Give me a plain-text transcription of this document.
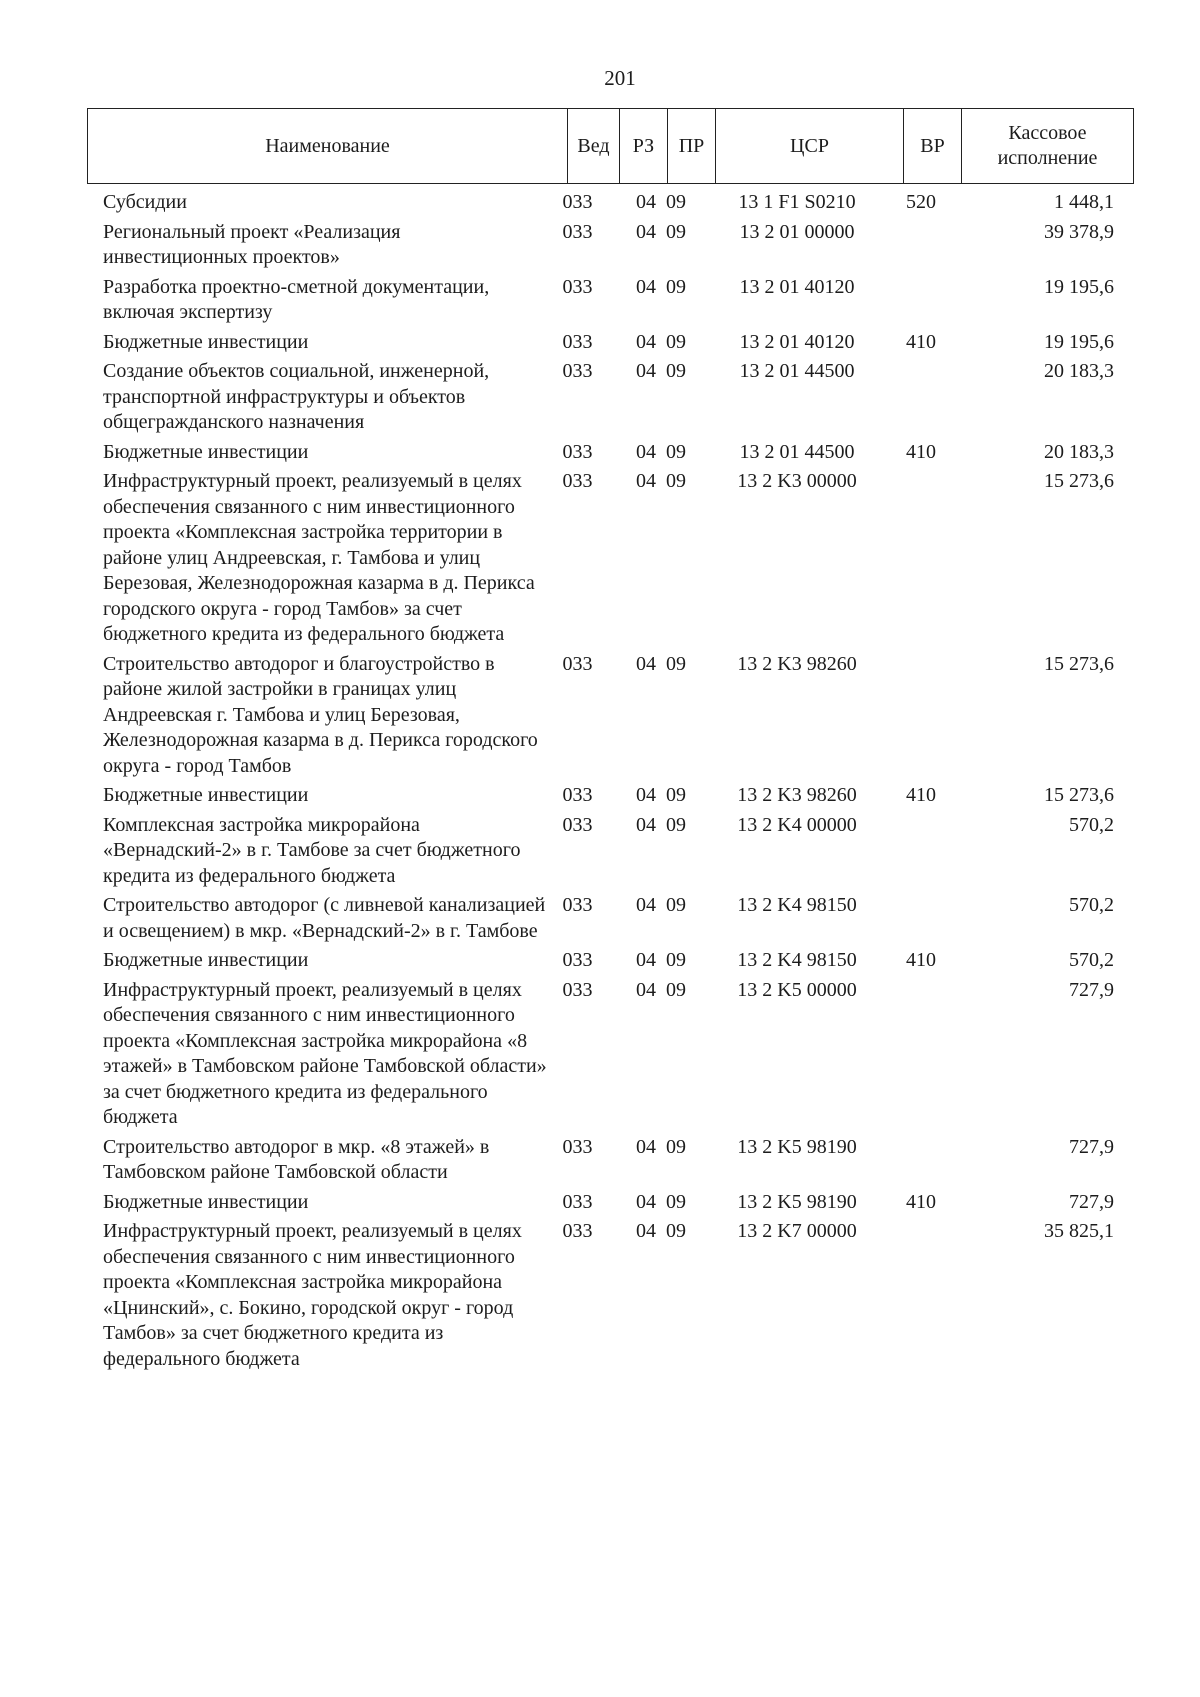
201
Наименование	Вед	РЗ	ПР	ЦСР	ВР	Кассовое исполнение
Субсидии	033	04	09	13 1 F1 S0210	520	1 448,1
Региональный проект «Реализация инвестиционных проектов»	033	04	09	13 2 01 00000		39 378,9
Разработка проектно-сметной документации, включая экспертизу	033	04	09	13 2 01 40120		19 195,6
Бюджетные инвестиции	033	04	09	13 2 01 40120	410	19 195,6
Создание объектов социальной, инженерной, транспортной инфраструктуры и объектов общегражданского назначения	033	04	09	13 2 01 44500		20 183,3
Бюджетные инвестиции	033	04	09	13 2 01 44500	410	20 183,3
Инфраструктурный проект, реализуемый в целях обеспечения связанного с ним инвестиционного проекта «Комплексная застройка территории в районе улиц Андреевская, г. Тамбова и улиц Березовая, Железнодорожная казарма в д. Перикса городского округа - город Тамбов» за счет бюджетного кредита из федерального бюджета	033	04	09	13 2 K3 00000		15 273,6
Строительство автодорог и благоустройство в районе жилой застройки в границах улиц Андреевская г. Тамбова и улиц Березовая, Железнодорожная казарма в д. Перикса городского округа - город Тамбов	033	04	09	13 2 K3 98260		15 273,6
Бюджетные инвестиции	033	04	09	13 2 K3 98260	410	15 273,6
Комплексная застройка микрорайона «Вернадский-2» в г. Тамбове за счет бюджетного кредита из федерального бюджета	033	04	09	13 2 K4 00000		570,2
Строительство автодорог (с ливневой канализацией и освещением) в мкр. «Вернадский-2» в г. Тамбове	033	04	09	13 2 K4 98150		570,2
Бюджетные инвестиции	033	04	09	13 2 K4 98150	410	570,2
Инфраструктурный проект, реализуемый в целях обеспечения связанного с ним инвестиционного проекта «Комплексная застройка микрорайона «8 этажей» в Тамбовском районе Тамбовской области» за счет бюджетного кредита из федерального бюджета	033	04	09	13 2 K5 00000		727,9
Строительство автодорог в мкр. «8 этажей» в Тамбовском районе Тамбовской области	033	04	09	13 2 K5 98190		727,9
Бюджетные инвестиции	033	04	09	13 2 K5 98190	410	727,9
Инфраструктурный проект, реализуемый в целях обеспечения связанного с ним инвестиционного проекта «Комплексная застройка микрорайона «Цнинский», с. Бокино, городской округ - город Тамбов» за счет бюджетного кредита из федерального бюджета	033	04	09	13 2 K7 00000		35 825,1
